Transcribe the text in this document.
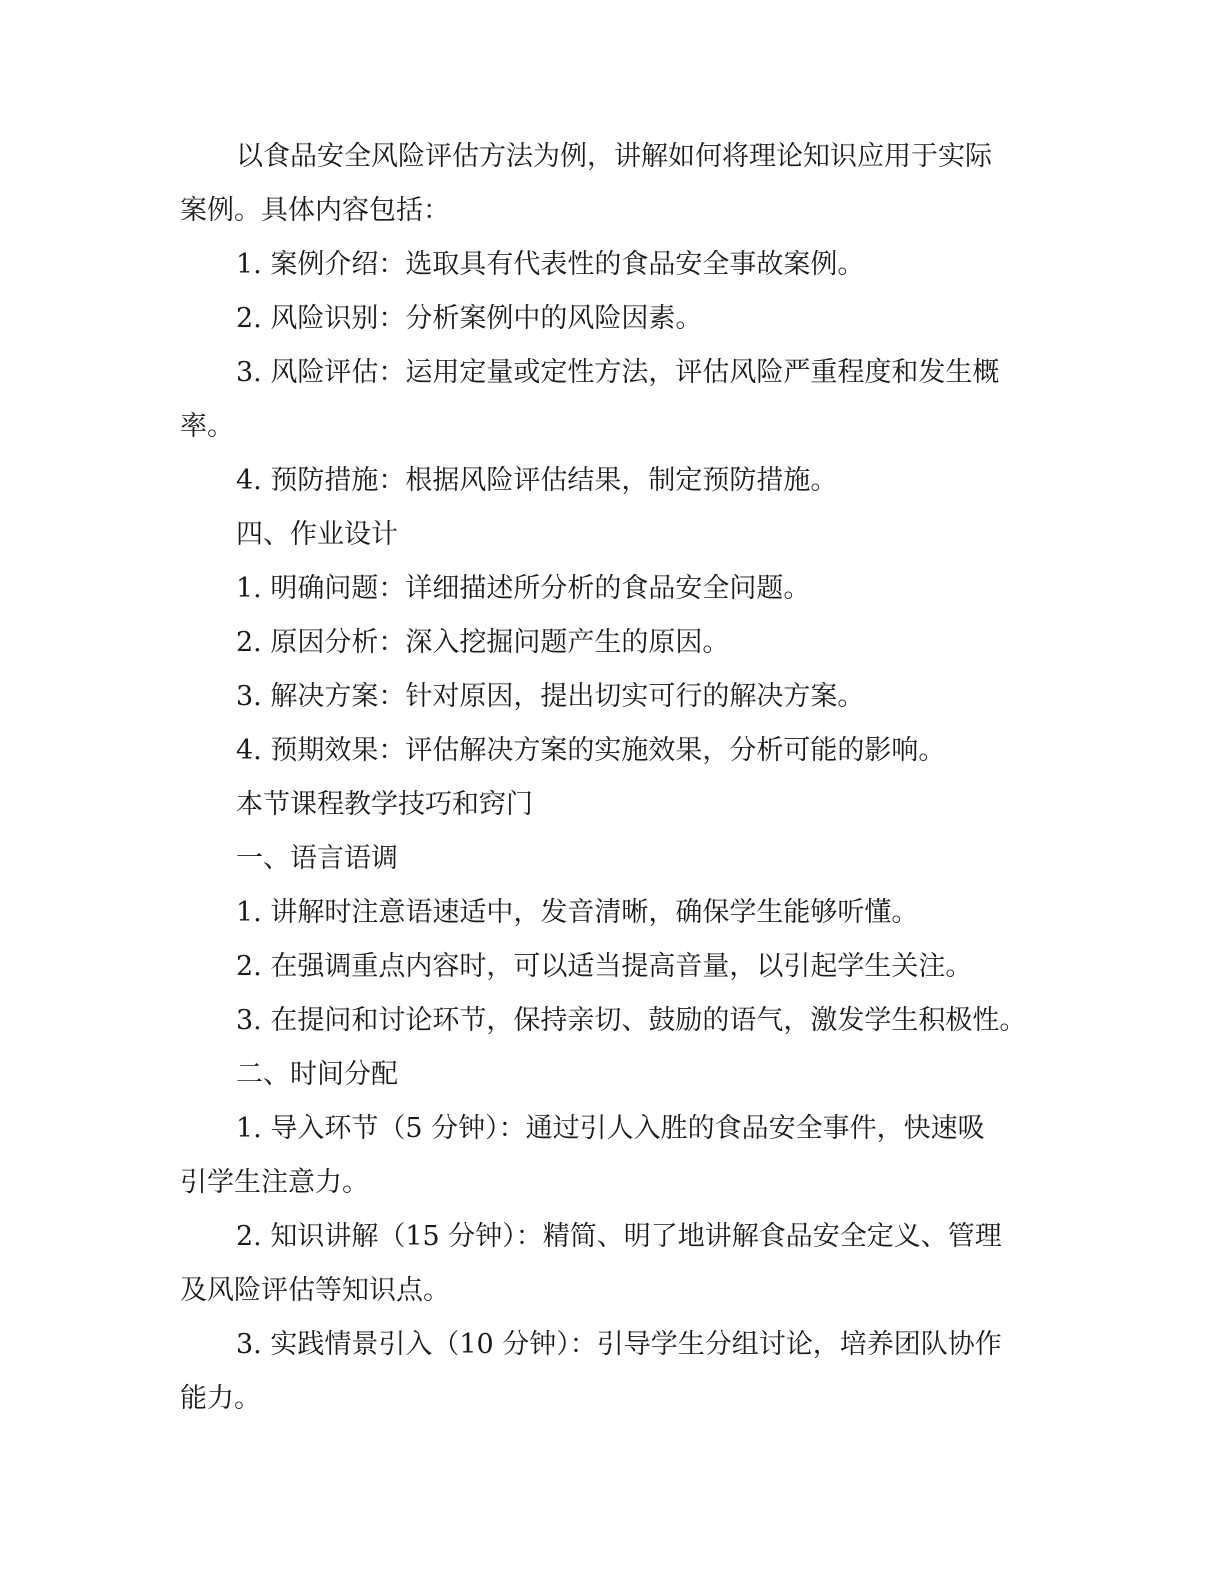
以食品安全风险评估方法为例，讲解如何将理论知识应用于实际
案例。具体内容包括：

1. 案例介绍：选取具有代表性的食品安全事故案例。

2. 风险识别：分析案例中的风险因素。

3. 风险评估：运用定量或定性方法，评估风险严重程度和发生概
率。

4. 预防措施：根据风险评估结果，制定预防措施。

四、作业设计

1. 明确问题：详细描述所分析的食品安全问题。

2. 原因分析：深入挖掘问题产生的原因。

3. 解决方案：针对原因，提出切实可行的解决方案。

4. 预期效果：评估解决方案的实施效果，分析可能的影响。

本节课程教学技巧和窍门

一、语言语调

1. 讲解时注意语速适中，发音清晰，确保学生能够听懂。

2. 在强调重点内容时，可以适当提高音量，以引起学生关注。

3. 在提问和讨论环节，保持亲切、鼓励的语气，激发学生积极性。

二、时间分配

1. 导入环节（5 分钟）：通过引人入胜的食品安全事件，快速吸
引学生注意力。

2. 知识讲解（15 分钟）：精简、明了地讲解食品安全定义、管理
及风险评估等知识点。

3. 实践情景引入（10 分钟）：引导学生分组讨论，培养团队协作
能力。
